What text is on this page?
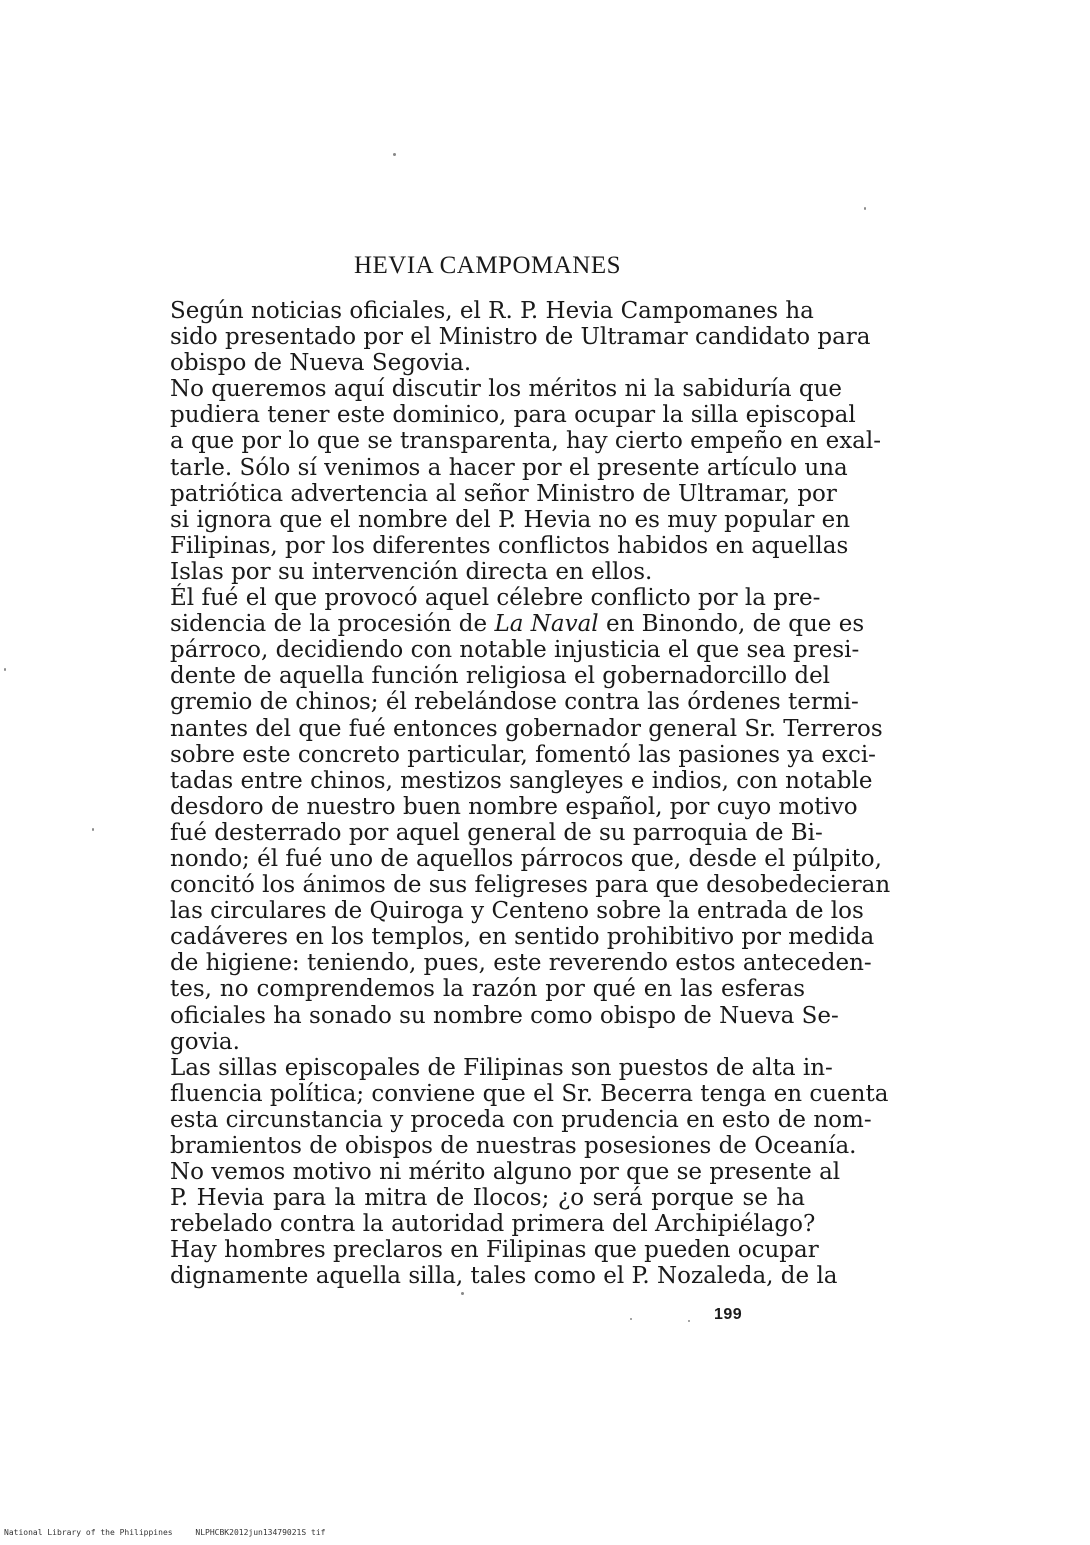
HEVIA CAMPOMANES
Según noticias oficiales, el R. P. Hevia Campomanes ha
sido presentado por el Ministro de Ultramar candidato para
obispo de Nueva Segovia.
No queremos aquí discutir los méritos ni la sabiduría que
pudiera tener este dominico, para ocupar la silla episcopal
a que por lo que se transparenta, hay cierto empeño en exal-
tarle. Sólo sí venimos a hacer por el presente artículo una
patriótica advertencia al señor Ministro de Ultramar, por
si ignora que el nombre del P. Hevia no es muy popular en
Filipinas, por los diferentes conflictos habidos en aquellas
Islas por su intervención directa en ellos.
Él fué el que provocó aquel célebre conflicto por la pre-
sidencia de la procesión de La Naval en Binondo, de que es
párroco, decidiendo con notable injusticia el que sea presi-
dente de aquella función religiosa el gobernadorcillo del
gremio de chinos; él rebelándose contra las órdenes termi-
nantes del que fué entonces gobernador general Sr. Terreros
sobre este concreto particular, fomentó las pasiones ya exci-
tadas entre chinos, mestizos sangleyes e indios, con notable
desdoro de nuestro buen nombre español, por cuyo motivo
fué desterrado por aquel general de su parroquia de Bi-
nondo; él fué uno de aquellos párrocos que, desde el púlpito,
concitó los ánimos de sus feligreses para que desobedecieran
las circulares de Quiroga y Centeno sobre la entrada de los
cadáveres en los templos, en sentido prohibitivo por medida
de higiene: teniendo, pues, este reverendo estos anteceden-
tes, no comprendemos la razón por qué en las esferas
oficiales ha sonado su nombre como obispo de Nueva Se-
govia.
Las sillas episcopales de Filipinas son puestos de alta in-
fluencia política; conviene que el Sr. Becerra tenga en cuenta
esta circunstancia y proceda con prudencia en esto de nom-
bramientos de obispos de nuestras posesiones de Oceanía.
No vemos motivo ni mérito alguno por que se presente al
P. Hevia para la mitra de Ilocos; ¿o será porque se ha
rebelado contra la autoridad primera del Archipiélago?
Hay hombres preclaros en Filipinas que pueden ocupar
dignamente aquella silla, tales como el P. Nozaleda, de la
199
National Library of the Philippines	NLPHCBK2012jun13479021S tif
